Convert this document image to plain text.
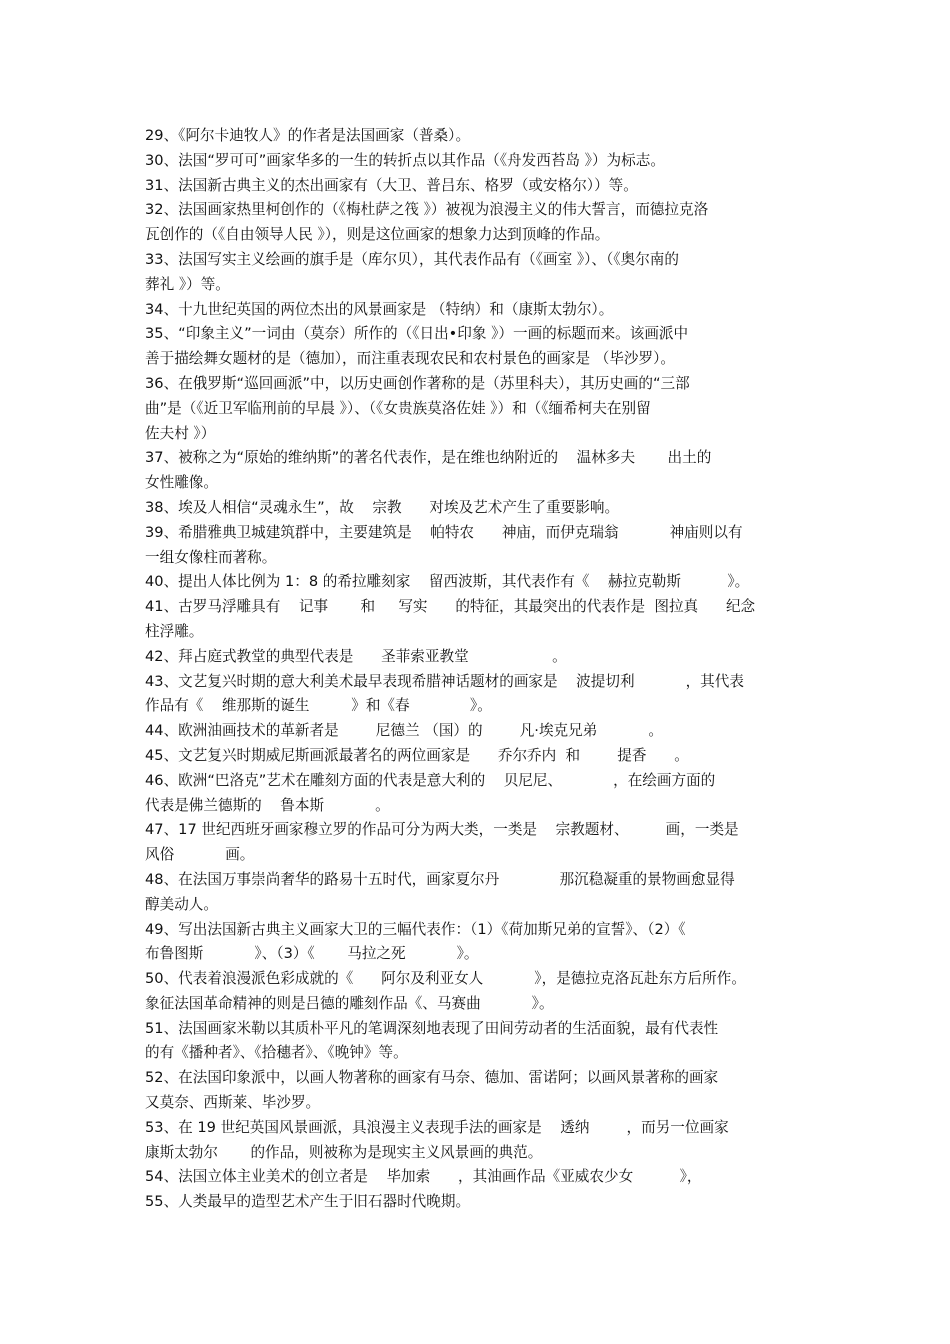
29、《阿尔卡迪牧人》的作者是法国画家（普桑）。
30、法国“罗可可”画家华多的一生的转折点以其作品（《舟发西苔岛 》）为标志。
31、法国新古典主义的杰出画家有（大卫、普吕东、格罗（或安格尔））等。
32、法国画家热里柯创作的（《梅杜萨之筏 》）被视为浪漫主义的伟大誓言，而德拉克洛
瓦创作的（《自由领导人民 》），则是这位画家的想象力达到顶峰的作品。
33、法国写实主义绘画的旗手是（库尔贝），其代表作品有（《画室 》）、（《奥尔南的
葬礼 》）等。
34、十九世纪英国的两位杰出的风景画家是 （特纳）和（康斯太勃尔）。
35、“印象主义”一词由（莫奈）所作的（《日出•印象 》）一画的标题而来。该画派中
善于描绘舞女题材的是（德加），而注重表现农民和农村景色的画家是 （毕沙罗）。
36、在俄罗斯“巡回画派”中，以历史画创作著称的是（苏里科夫），其历史画的“三部
曲”是（《近卫军临刑前的早晨 》）、（《女贵族莫洛佐娃 》）和（《缅希柯夫在别留
佐夫村 》）
37、被称之为“原始的维纳斯”的著名代表作，是在维也纳附近的    温林多夫       出土的
女性雕像。
38、埃及人相信“灵魂永生”，故    宗教      对埃及艺术产生了重要影响。
39、希腊雅典卫城建筑群中，主要建筑是    帕特农      神庙，而伊克瑞翁           神庙则以有
一组女像柱而著称。
40、提出人体比例为 1：8 的希拉雕刻家    留西波斯，其代表作有《    赫拉克勒斯          》。
41、古罗马浮雕具有    记事       和     写实      的特征，其最突出的代表作是  图拉真      纪念
柱浮雕。
42、拜占庭式教堂的典型代表是      圣菲索亚教堂                  。
43、文艺复兴时期的意大利美术最早表现希腊神话题材的画家是    波提切利           ，其代表
作品有《    维那斯的诞生         》和《春             》。
44、欧洲油画技术的革新者是        尼德兰 （国）的        凡·埃克兄弟           。
45、文艺复兴时期威尼斯画派最著名的两位画家是      乔尔乔内  和        提香      。
46、欧洲“巴洛克”艺术在雕刻方面的代表是意大利的    贝尼尼、           ，在绘画方面的
代表是佛兰德斯的    鲁本斯           。
47、17 世纪西班牙画家穆立罗的作品可分为两大类，一类是    宗教题材、        画，一类是
风俗           画。
48、在法国万事崇尚奢华的路易十五时代，画家夏尔丹             那沉稳凝重的景物画愈显得
醇美动人。
49、写出法国新古典主义画家大卫的三幅代表作：（1）《荷加斯兄弟的宣誓》、（2）《
布鲁图斯           》、（3）《       马拉之死           》。
50、代表着浪漫派色彩成就的《      阿尔及利亚女人           》，是德拉克洛瓦赴东方后所作。
象征法国革命精神的则是吕德的雕刻作品《、马赛曲           》。
51、法国画家米勒以其质朴平凡的笔调深刻地表现了田间劳动者的生活面貌，最有代表性
的有《播种者》、《拾穗者》、《晚钟》等。
52、在法国印象派中，以画人物著称的画家有马奈、德加、雷诺阿；以画风景著称的画家
又莫奈、西斯莱、毕沙罗。
53、在 19 世纪英国风景画派，具浪漫主义表现手法的画家是    透纳        ，而另一位画家
康斯太勃尔       的作品，则被称为是现实主义风景画的典范。
54、法国立体主业美术的创立者是    毕加索      ，其油画作品《亚威农少女          》，
55、人类最早的造型艺术产生于旧石器时代晚期。
